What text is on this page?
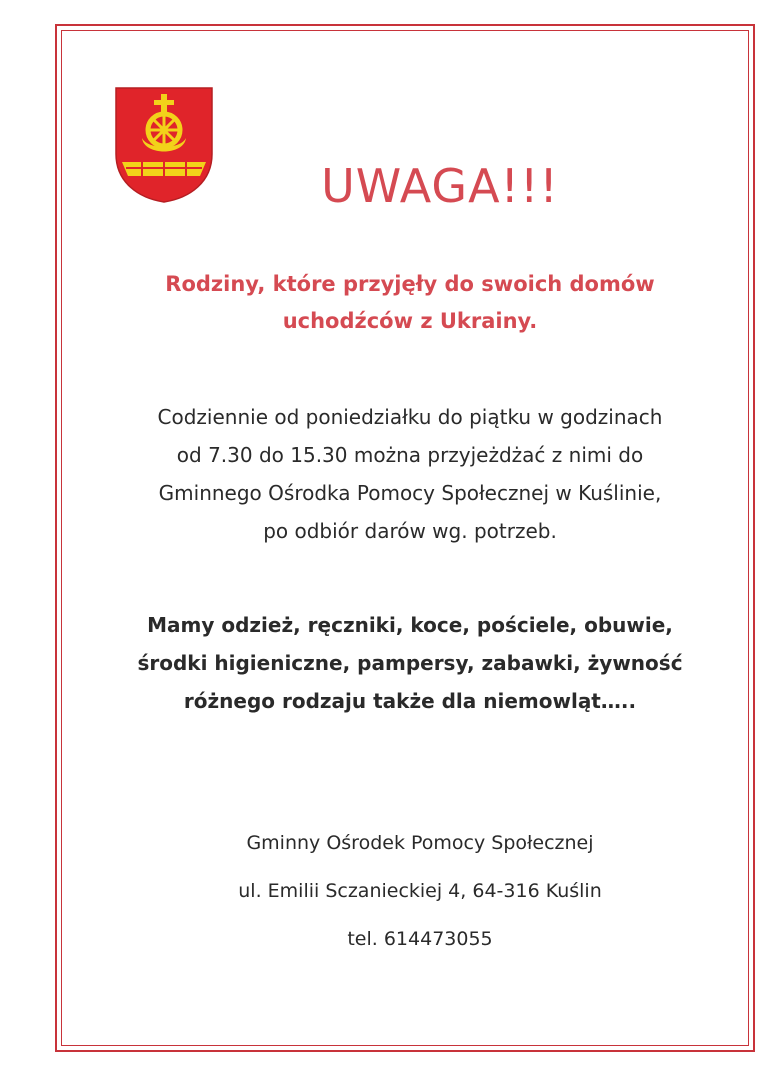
UWAGA!!!

Rodziny, które przyjęły do swoich domów
uchodźców z Ukrainy.

Codziennie od poniedziałku do piątku w godzinach
od 7.30 do 15.30 można przyjeżdżać z nimi do
Gminnego Ośrodka Pomocy Społecznej w Kuślinie,
po odbiór darów wg. potrzeb.

Mamy odzież, ręczniki, koce, pościele, obuwie,
środki higieniczne, pampersy, zabawki, żywność
różnego rodzaju także dla niemowląt…..

Gminny Ośrodek Pomocy Społecznej

ul. Emilii Sczanieckiej 4, 64-316 Kuślin

tel. 614473055
